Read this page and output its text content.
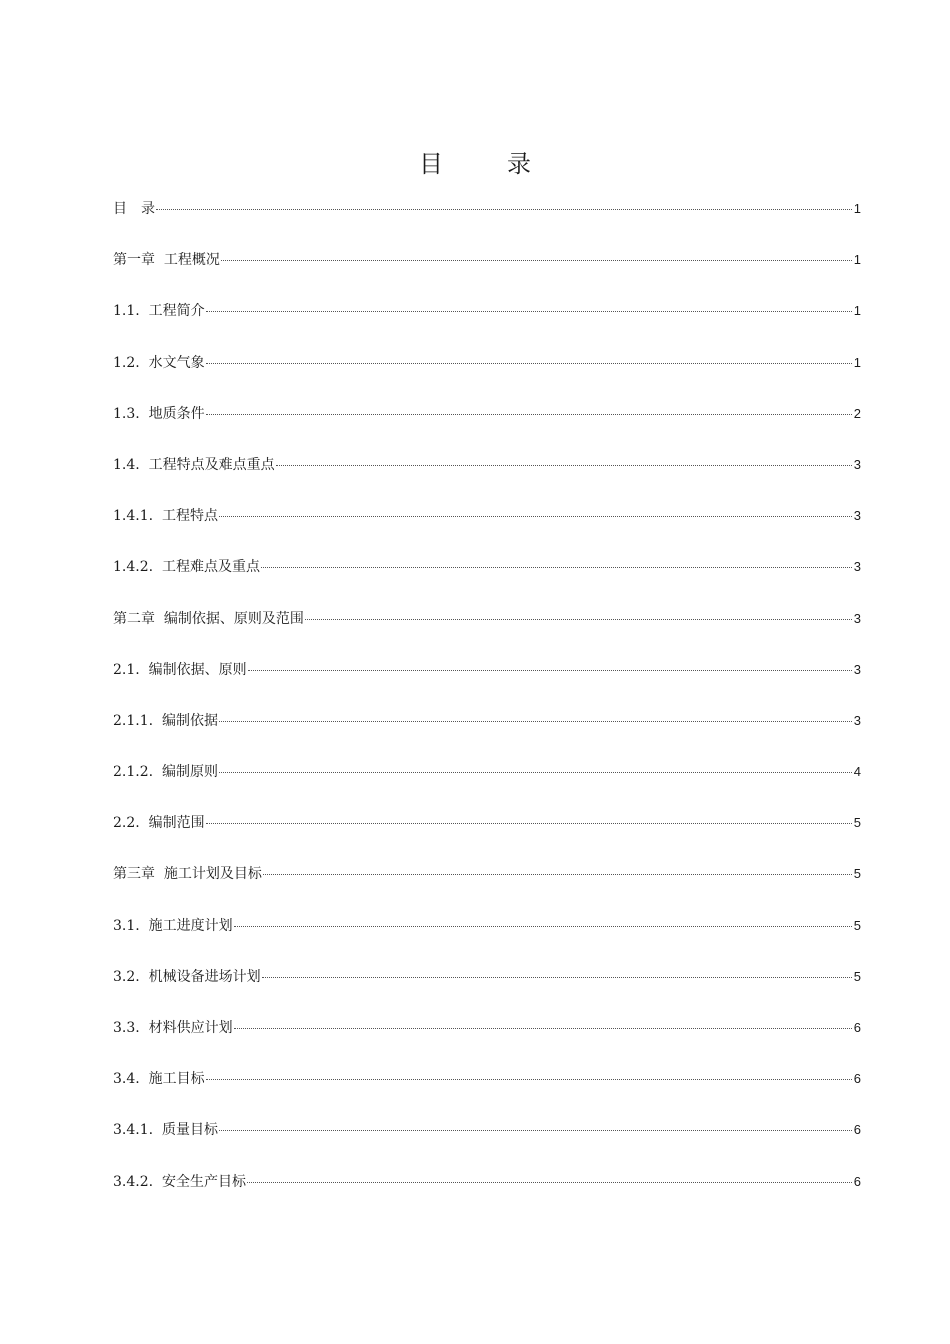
目　录
目　录	1
第一章  工程概况	1
1.1.  工程简介	1
1.2.  水文气象	1
1.3.  地质条件	2
1.4.  工程特点及难点重点	3
1.4.1.  工程特点	3
1.4.2.  工程难点及重点	3
第二章  编制依据、原则及范围	3
2.1.  编制依据、原则	3
2.1.1.  编制依据	3
2.1.2.  编制原则	4
2.2.  编制范围	5
第三章  施工计划及目标	5
3.1.  施工进度计划	5
3.2.  机械设备进场计划	5
3.3.  材料供应计划	6
3.4.  施工目标	6
3.4.1.  质量目标	6
3.4.2.  安全生产目标	6
